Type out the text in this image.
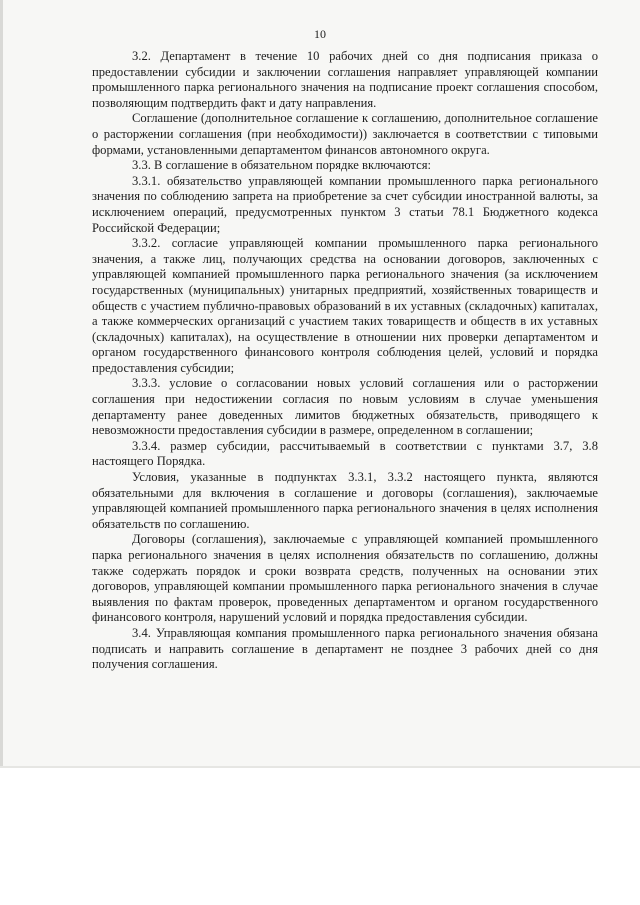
10

3.2. Департамент в течение 10 рабочих дней со дня подписания приказа о предоставлении субсидии и заключении соглашения направляет управляющей компании промышленного парка регионального значения на подписание проект соглашения способом, позволяющим подтвердить факт и дату направления.

Соглашение (дополнительное соглашение к соглашению, дополнительное соглашение о расторжении соглашения (при необходимости)) заключается в соответствии с типовыми формами, установленными департаментом финансов автономного округа.

3.3. В соглашение в обязательном порядке включаются:

3.3.1. обязательство управляющей компании промышленного парка регионального значения по соблюдению запрета на приобретение за счет субсидии иностранной валюты, за исключением операций, предусмотренных пунктом 3 статьи 78.1 Бюджетного кодекса Российской Федерации;

3.3.2. согласие управляющей компании промышленного парка регионального значения, а также лиц, получающих средства на основании договоров, заключенных с управляющей компанией промышленного парка регионального значения (за исключением государственных (муниципальных) унитарных предприятий, хозяйственных товариществ и обществ с участием публично-правовых образований в их уставных (складочных) капиталах, а также коммерческих организаций с участием таких товариществ и обществ в их уставных (складочных) капиталах), на осуществление в отношении них проверки департаментом и органом государственного финансового контроля соблюдения целей, условий и порядка предоставления субсидии;

3.3.3. условие о согласовании новых условий соглашения или о расторжении соглашения при недостижении согласия по новым условиям в случае уменьшения департаменту ранее доведенных лимитов бюджетных обязательств, приводящего к невозможности предоставления субсидии в размере, определенном в соглашении;

3.3.4. размер субсидии, рассчитываемый в соответствии с пунктами 3.7, 3.8 настоящего Порядка.

Условия, указанные в подпунктах 3.3.1, 3.3.2 настоящего пункта, являются обязательными для включения в соглашение и договоры (соглашения), заключаемые управляющей компанией промышленного парка регионального значения в целях исполнения обязательств по соглашению.

Договоры (соглашения), заключаемые с управляющей компанией промышленного парка регионального значения в целях исполнения обязательств по соглашению, должны также содержать порядок и сроки возврата средств, полученных на основании этих договоров, управляющей компании промышленного парка регионального значения в случае выявления по фактам проверок, проведенных департаментом и органом государственного финансового контроля, нарушений условий и порядка предоставления субсидии.

3.4. Управляющая компания промышленного парка регионального значения обязана подписать и направить соглашение в департамент не позднее 3 рабочих дней со дня получения соглашения.
